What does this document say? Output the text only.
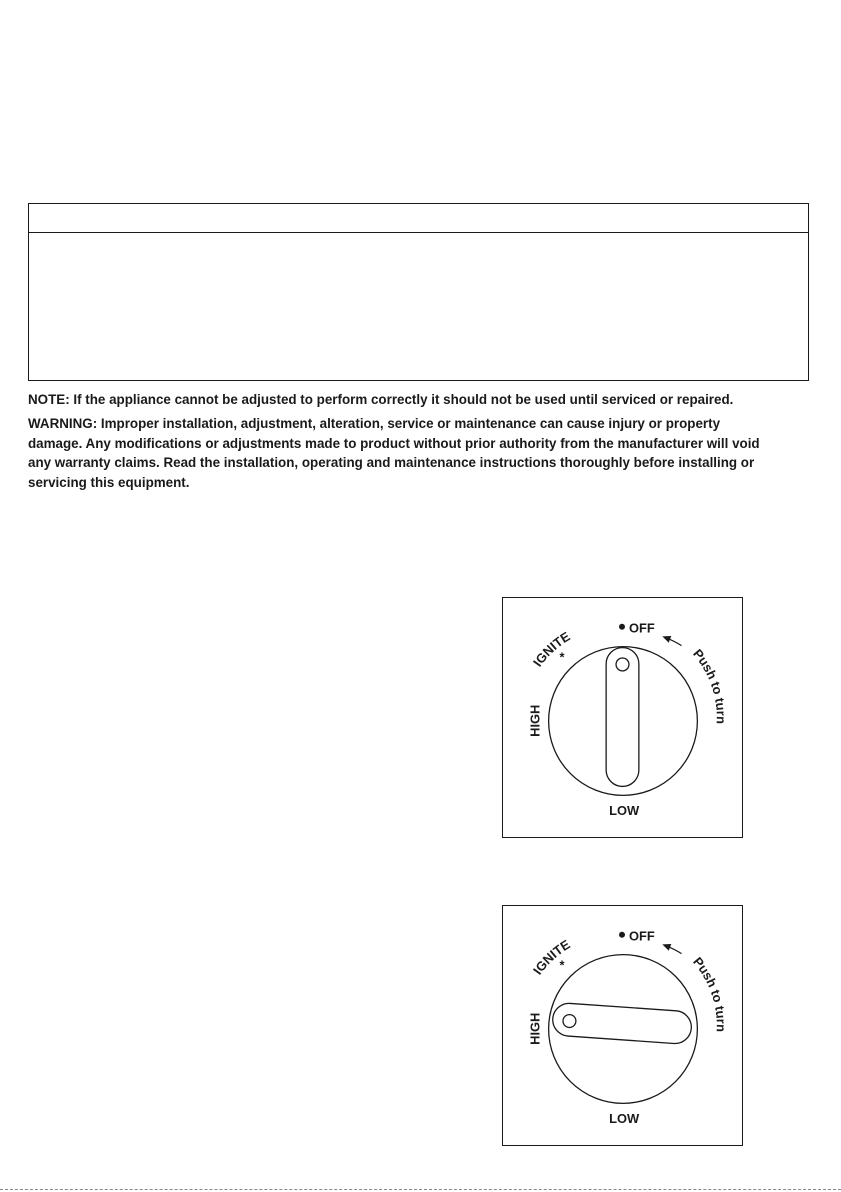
NOTE: If the appliance cannot be adjusted to perform correctly it should not be used until serviced or repaired.

WARNING: Improper installation, adjustment, alteration, service or maintenance can cause injury or property
damage. Any modifications or adjustments made to product without prior authority from the manufacturer will void
any warranty claims. Read the installation, operating and maintenance instructions thoroughly before installing or
servicing this equipment.

OFF
IGNITE
*	Push to turn
HIGH
LOW
OFF
IGNITE
*	Push to turn
HIGH
LOW
